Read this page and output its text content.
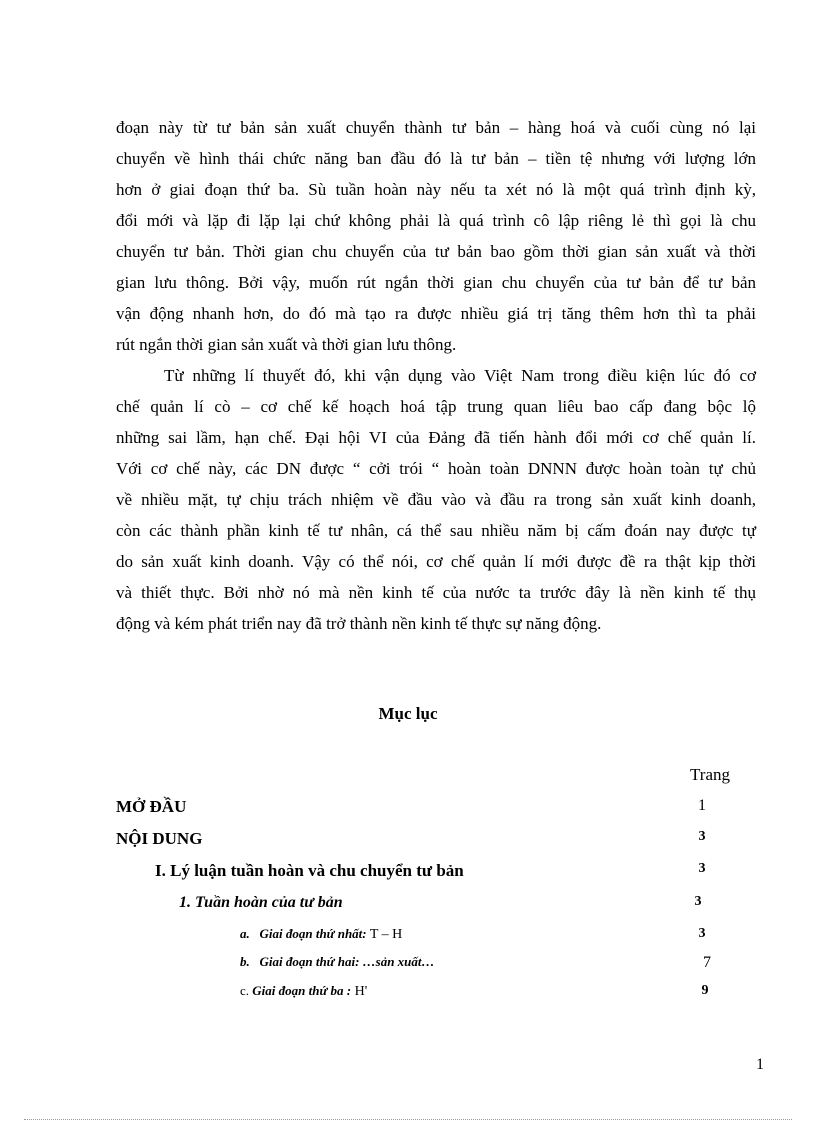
đoạn này từ tư bản sản xuất chuyển thành tư bản – hàng hoá và cuối cùng nó lại
chuyển về hình thái chức năng ban đầu đó là tư bản – tiền tệ nhưng với lượng lớn
hơn ở giai đoạn thứ ba. Sù tuần hoàn này nếu ta xét nó là một quá trình định kỳ,
đổi mới và lặp đi lặp lại chứ không phải là quá trình cô lập riêng lẻ thì gọi là chu
chuyển tư bản. Thời gian chu chuyển của tư bản bao gồm thời gian sản xuất và thời
gian lưu thông. Bởi vậy, muốn rút ngắn thời gian chu chuyển của tư bản để tư bản
vận động nhanh hơn, do đó mà tạo ra được nhiều giá trị tăng thêm hơn thì ta phải
rút ngắn thời gian sản xuất và thời gian lưu thông.
Từ những lí thuyết đó, khi vận dụng vào Việt Nam trong điều kiện lúc đó cơ
chế quản lí cò – cơ chế kế hoạch hoá tập trung quan liêu bao cấp đang bộc lộ
những sai lầm, hạn chế. Đại hội VI của Đảng đã tiến hành đổi mới cơ chế quản lí.
Với cơ chế này, các DN được “ cởi trói “ hoàn toàn DNNN được hoàn toàn tự chủ
về nhiều mặt, tự chịu trách nhiệm về đầu vào và đầu ra trong sản xuất kinh doanh,
còn các thành phần kinh tế tư nhân, cá thể sau nhiều năm bị cấm đoán nay được tự
do sản xuất kinh doanh. Vậy có thể nói, cơ chế quản lí mới được đề ra thật kịp thời
và thiết thực. Bởi nhờ nó mà nền kinh tế của nước ta trước đây là nền kinh tế thụ
động và kém phát triển nay đã trở thành nền kinh tế thực sự năng động.
Mục lục
Trang
MỞ ĐẦU	1
NỘI DUNG	3
I. Lý luận tuần hoàn và chu chuyển tư bản	3
1. Tuần hoàn của tư bản	3
a. Giai đoạn thứ nhất: T – H	3
b. Giai đoạn thứ hai: …sản xuất…	7
c. Giai đoạn thứ ba : H'	9
1
